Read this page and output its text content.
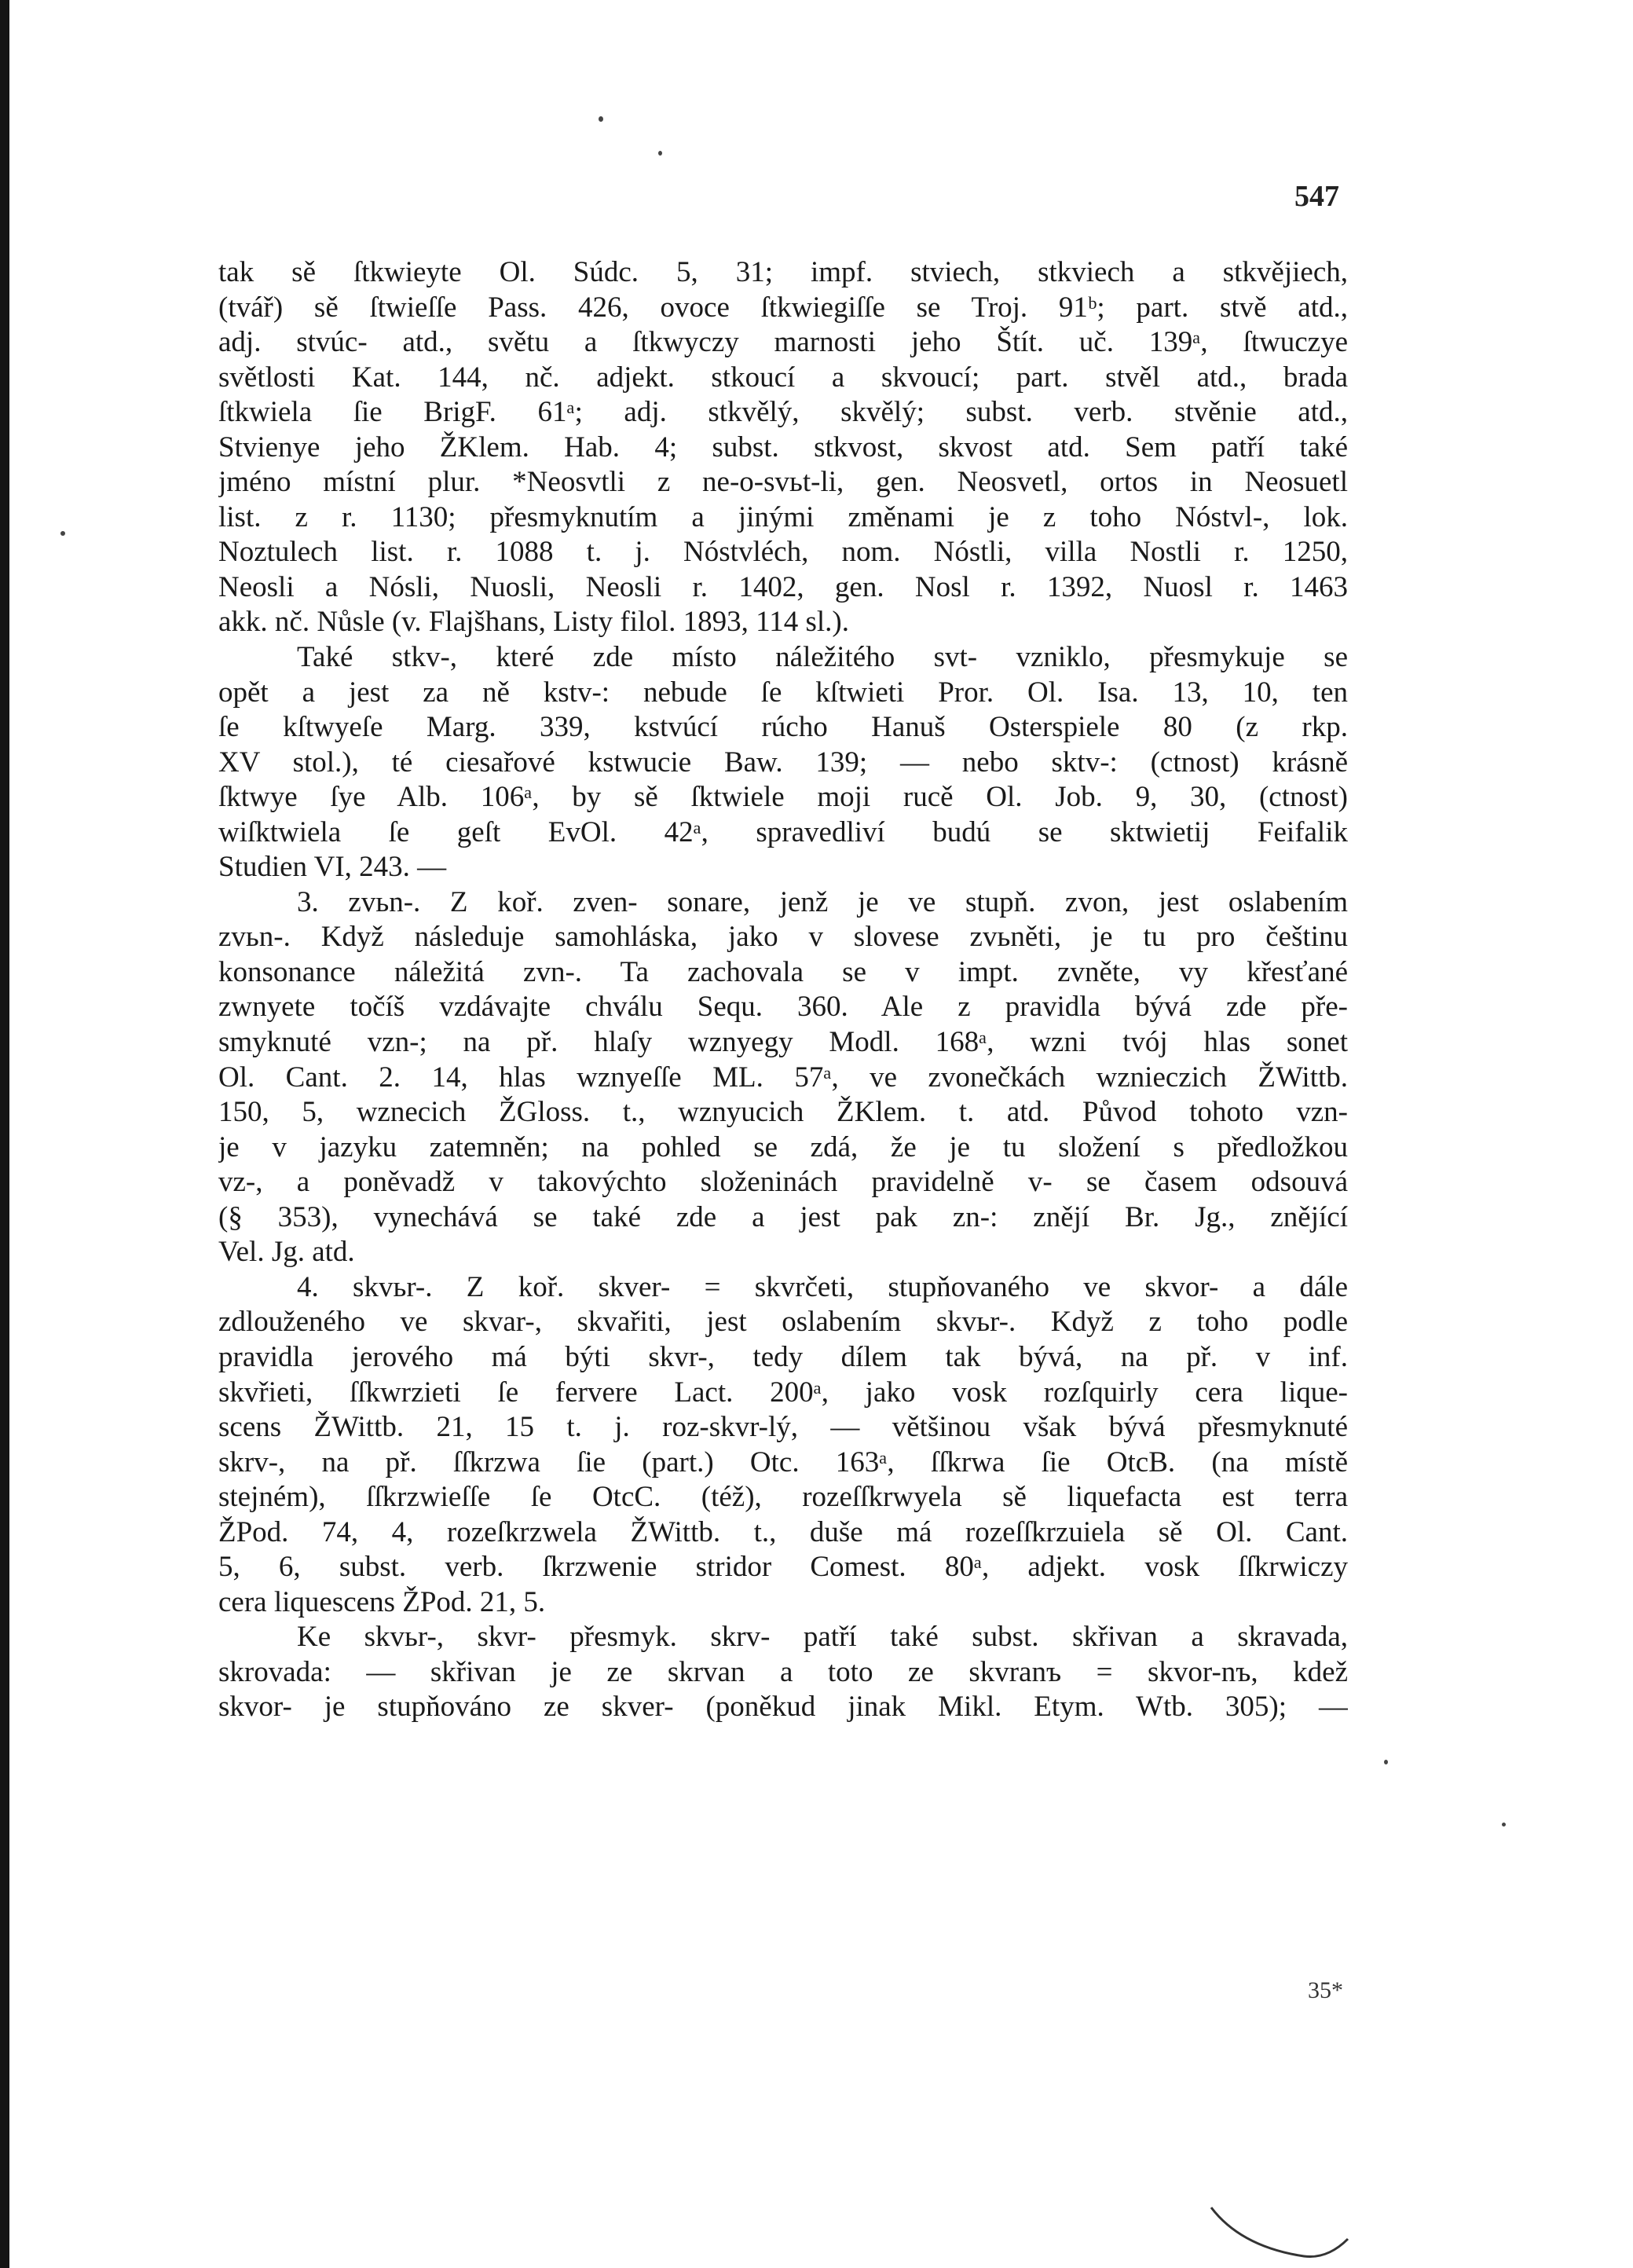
547
tak sě ſtkwieyte Ol. Súdc. 5, 31; impf. stviech, stkviech a stkvějiech,
(tvář) sě ſtwieſſe Pass. 426, ovoce ſtkwiegiſſe se Troj. 91ᵇ; part. stvě atd.,
adj. stvúc- atd., světu a ſtkwyczy marnosti jeho Štít. uč. 139ᵃ, ſtwuczye
světlosti Kat. 144, nč. adjekt. stkoucí a skvoucí; part. stvěl atd., brada
ſtkwiela ſie BrigF. 61ᵃ; adj. stkvělý, skvělý; subst. verb. stvěnie atd.,
Stvienye jeho ŽKlem. Hab. 4; subst. stkvost, skvost atd. Sem patří také
jméno místní plur. *Neosvtli z ne-o-svьt-li, gen. Neosvetl, ortos in Neosuetl
list. z r. 1130; přesmyknutím a jinými změnami je z toho Nóstvl-, lok.
Noztulech list. r. 1088 t. j. Nóstvléch, nom. Nóstli, villa Nostli r. 1250,
Neosli a Nósli, Nuosli, Neosli r. 1402, gen. Nosl r. 1392, Nuosl r. 1463
akk. nč. Nůsle (v. Flajšhans, Listy filol. 1893, 114 sl.).
Také stkv-, které zde místo náležitého svt- vzniklo, přesmykuje se
opět a jest za ně kstv-: nebude ſe kſtwieti Pror. Ol. Isa. 13, 10, ten
ſe kſtwyeſe Marg. 339, kstvúcí rúcho Hanuš Osterspiele 80 (z rkp.
XV stol.), té ciesařové kstwucie Baw. 139; — nebo sktv-: (ctnost) krásně
ſktwye ſye Alb. 106ᵃ, by sě ſktwiele moji rucě Ol. Job. 9, 30, (ctnost)
wiſktwiela ſe geſt EvOl. 42ᵃ, spravedliví budú se sktwietij Feifalik
Studien VI, 243. —
3. zvьn-. Z koř. zven- sonare, jenž je ve stupň. zvon, jest oslabením
zvьn-. Když následuje samohláska, jako v slovese zvьněti, je tu pro češtinu
konsonance náležitá zvn-. Ta zachovala se v impt. zvněte, vy křesťané
zwnyete točíš vzdávajte chválu Sequ. 360. Ale z pravidla bývá zde pře-
smyknuté vzn-; na př. hlaſy wznyegy Modl. 168ᵃ, wzni tvój hlas sonet
Ol. Cant. 2. 14, hlas wznyeſſe ML. 57ᵃ, ve zvonečkách wznieczich ŽWittb.
150, 5, wznecich ŽGloss. t., wznyucich ŽKlem. t. atd. Původ tohoto vzn-
je v jazyku zatemněn; na pohled se zdá, že je tu složení s předložkou
vz-, a poněvadž v takovýchto složeninách pravidelně v- se časem odsouvá
(§ 353), vynechává se také zde a jest pak zn-: znějí Br. Jg., znějící
Vel. Jg. atd.
4. skvьr-. Z koř. skver- = skvrčeti, stupňovaného ve skvor- a dále
zdlouženého ve skvar-, skvařiti, jest oslabením skvьr-. Když z toho podle
pravidla jerového má býti skvr-, tedy dílem tak bývá, na př. v inf.
skvřieti, ſſkwrzieti ſe fervere Lact. 200ᵃ, jako vosk rozſquirly cera lique-
scens ŽWittb. 21, 15 t. j. roz-skvr-lý, — většinou však bývá přesmyknuté
skrv-, na př. ſſkrzwa ſie (part.) Otc. 163ᵃ, ſſkrwa ſie OtcB. (na místě
stejném), ſſkrzwieſſe ſe OtcC. (též), rozeſſkrwyela sě liquefacta est terra
ŽPod. 74, 4, rozeſkrzwela ŽWittb. t., duše má rozeſſkrzuiela sě Ol. Cant.
5, 6, subst. verb. ſkrzwenie stridor Comest. 80ᵃ, adjekt. vosk ſſkrwiczy
cera liquescens ŽPod. 21, 5.
Ke skvьr-, skvr- přesmyk. skrv- patří také subst. skřivan a skravada,
skrovada: — skřivan je ze skrvan a toto ze skvranъ = skvor-nъ, kdež
skvor- je stupňováno ze skver- (poněkud jinak Mikl. Etym. Wtb. 305); —
35*
